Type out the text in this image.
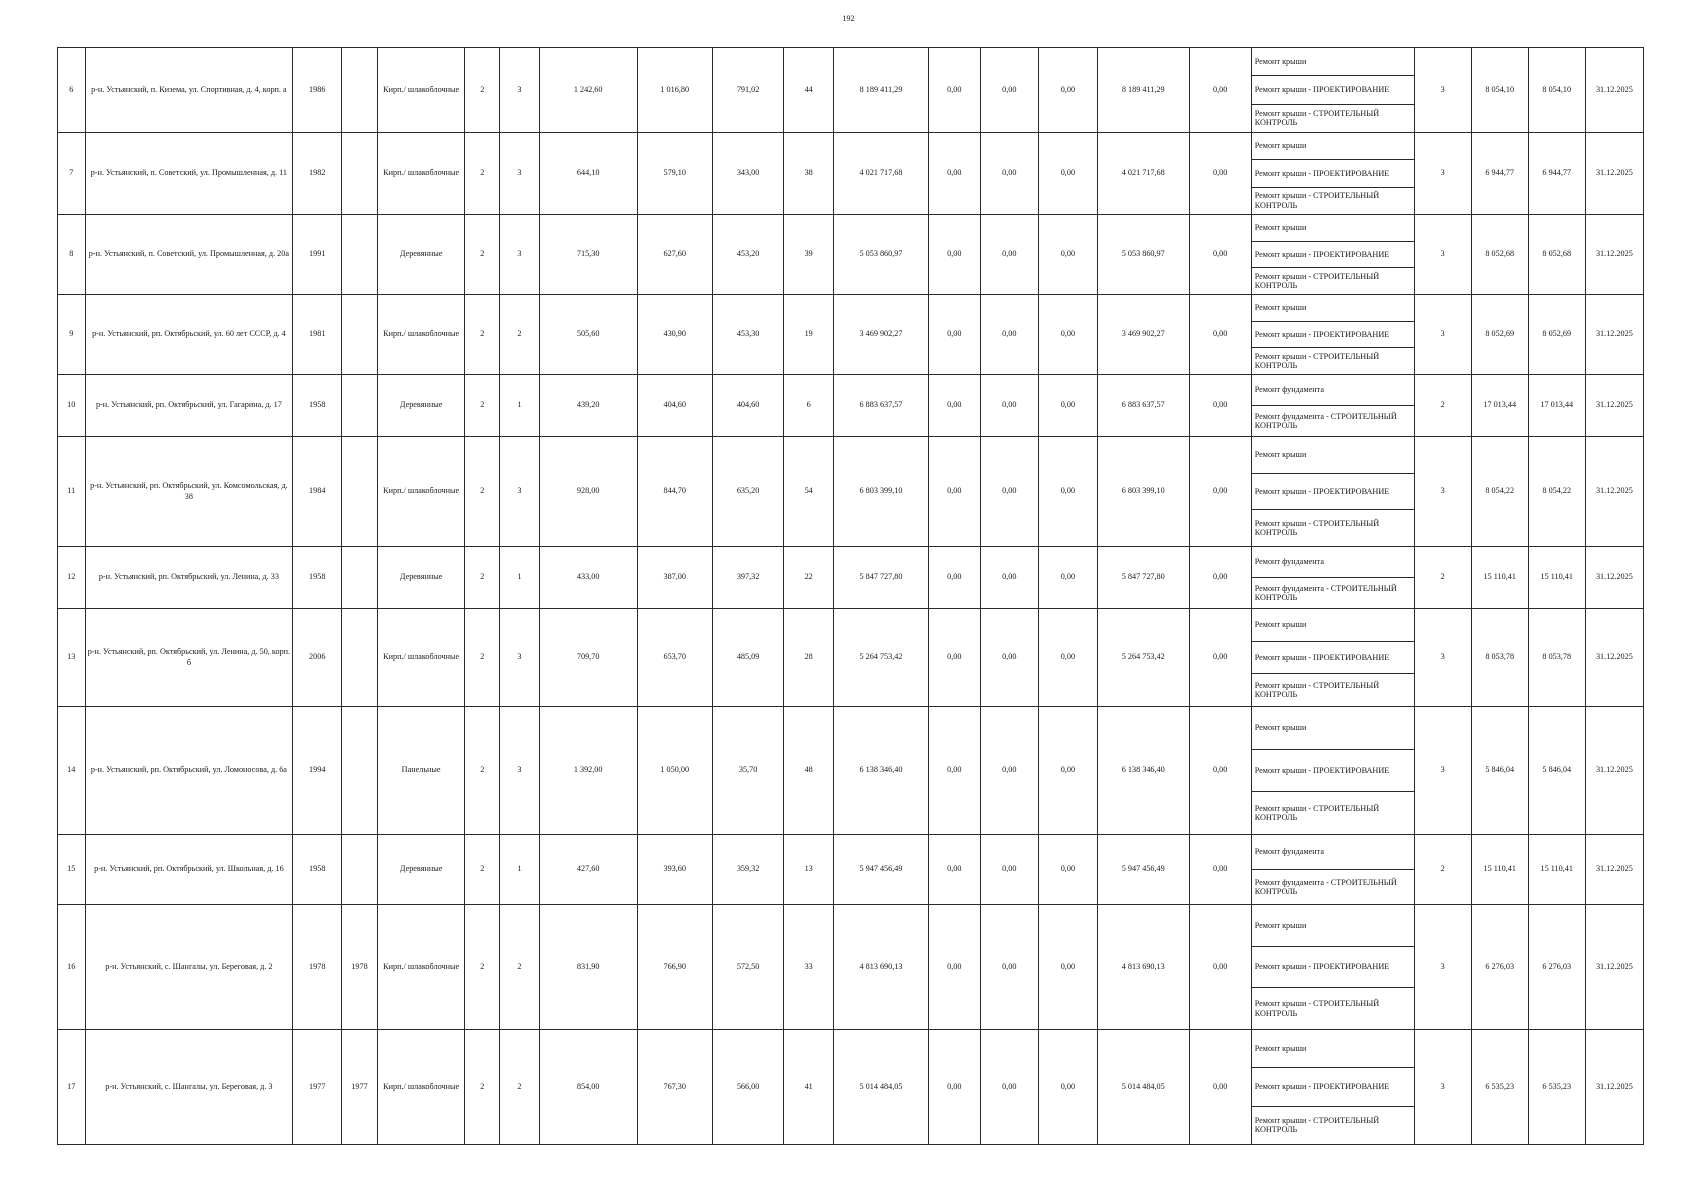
192
6	р-н. Устьянский, п. Кизема, ул. Спортивная, д. 4, корп. а	1986		Кирп./ шлакоблочные	2	3	1 242,60	1 016,80	791,02	44	8 189 411,29	0,00	0,00	0,00	8 189 411,29	0,00	Ремонт крыши
Ремонт крыши - ПРОЕКТИРОВАНИЕ
Ремонт крыши - СТРОИТЕЛЬНЫЙ КОНТРОЛЬ	3	8 054,10	8 054,10	31.12.2025
7	р-н. Устьянский, п. Советский, ул. Промышленная, д. 11	1982		Кирп./ шлакоблочные	2	3	644,10	579,10	343,00	38	4 021 717,68	0,00	0,00	0,00	4 021 717,68	0,00	Ремонт крыши
Ремонт крыши - ПРОЕКТИРОВАНИЕ
Ремонт крыши - СТРОИТЕЛЬНЫЙ КОНТРОЛЬ	3	6 944,77	6 944,77	31.12.2025
8	р-н. Устьянский, п. Советский, ул. Промышленная, д. 20а	1991		Деревянные	2	3	715,30	627,60	453,20	39	5 053 860,97	0,00	0,00	0,00	5 053 860,97	0,00	Ремонт крыши
Ремонт крыши - ПРОЕКТИРОВАНИЕ
Ремонт крыши - СТРОИТЕЛЬНЫЙ КОНТРОЛЬ	3	8 052,68	8 052,68	31.12.2025
9	р-н. Устьянский, рп. Октябрьский, ул. 60 лет СССР, д. 4	1981		Кирп./ шлакоблочные	2	2	505,60	430,90	453,30	19	3 469 902,27	0,00	0,00	0,00	3 469 902,27	0,00	Ремонт крыши
Ремонт крыши - ПРОЕКТИРОВАНИЕ
Ремонт крыши - СТРОИТЕЛЬНЫЙ КОНТРОЛЬ	3	8 052,69	8 052,69	31.12.2025
10	р-н. Устьянский, рп. Октябрьский, ул. Гагарина, д. 17	1958		Деревянные	2	1	439,20	404,60	404,60	6	6 883 637,57	0,00	0,00	0,00	6 883 637,57	0,00	Ремонт фундамента
Ремонт фундамента - СТРОИТЕЛЬНЫЙ КОНТРОЛЬ	2	17 013,44	17 013,44	31.12.2025
11	р-н. Устьянский, рп. Октябрьский, ул. Комсомольская, д. 38	1984		Кирп./ шлакоблочные	2	3	928,00	844,70	635,20	54	6 803 399,10	0,00	0,00	0,00	6 803 399,10	0,00	Ремонт крыши
Ремонт крыши - ПРОЕКТИРОВАНИЕ
Ремонт крыши - СТРОИТЕЛЬНЫЙ КОНТРОЛЬ	3	8 054,22	8 054,22	31.12.2025
12	р-н. Устьянский, рп. Октябрьский, ул. Ленина, д. 33	1958		Деревянные	2	1	433,00	387,00	397,32	22	5 847 727,80	0,00	0,00	0,00	5 847 727,80	0,00	Ремонт фундамента
Ремонт фундамента - СТРОИТЕЛЬНЫЙ КОНТРОЛЬ	2	15 110,41	15 110,41	31.12.2025
13	р-н. Устьянский, рп. Октябрьский, ул. Ленина, д. 50, корп. б	2006		Кирп./ шлакоблочные	2	3	709,70	653,70	485,09	28	5 264 753,42	0,00	0,00	0,00	5 264 753,42	0,00	Ремонт крыши
Ремонт крыши - ПРОЕКТИРОВАНИЕ
Ремонт крыши - СТРОИТЕЛЬНЫЙ КОНТРОЛЬ	3	8 053,78	8 053,78	31.12.2025
14	р-н. Устьянский, рп. Октябрьский, ул. Ломоносова, д. 6а	1994		Панельные	2	3	1 392,00	1 050,00	35,70	48	6 138 346,40	0,00	0,00	0,00	6 138 346,40	0,00	Ремонт крыши
Ремонт крыши - ПРОЕКТИРОВАНИЕ
Ремонт крыши - СТРОИТЕЛЬНЫЙ КОНТРОЛЬ	3	5 846,04	5 846,04	31.12.2025
15	р-н. Устьянский, рп. Октябрьский, ул. Школьная, д. 16	1958		Деревянные	2	1	427,60	393,60	359,32	13	5 947 456,49	0,00	0,00	0,00	5 947 456,49	0,00	Ремонт фундамента
Ремонт фундамента - СТРОИТЕЛЬНЫЙ КОНТРОЛЬ	2	15 110,41	15 110,41	31.12.2025
16	р-н. Устьянский, с. Шангалы, ул. Береговая, д. 2	1978	1978	Кирп./ шлакоблочные	2	2	831,90	766,90	572,50	33	4 813 690,13	0,00	0,00	0,00	4 813 690,13	0,00	Ремонт крыши
Ремонт крыши - ПРОЕКТИРОВАНИЕ
Ремонт крыши - СТРОИТЕЛЬНЫЙ КОНТРОЛЬ	3	6 276,03	6 276,03	31.12.2025
17	р-н. Устьянский, с. Шангалы, ул. Береговая, д. 3	1977	1977	Кирп./ шлакоблочные	2	2	854,00	767,30	566,00	41	5 014 484,05	0,00	0,00	0,00	5 014 484,05	0,00	Ремонт крыши
Ремонт крыши - ПРОЕКТИРОВАНИЕ
Ремонт крыши - СТРОИТЕЛЬНЫЙ КОНТРОЛЬ	3	6 535,23	6 535,23	31.12.2025
